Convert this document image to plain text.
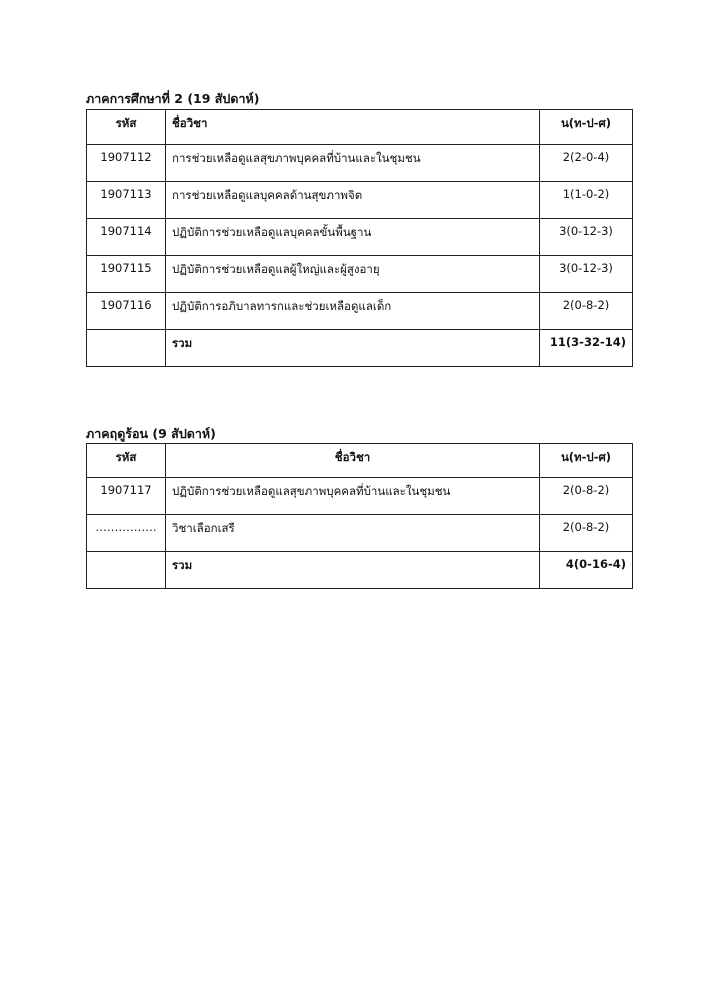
ภาคการศึกษาที่ 2 (19 สัปดาห์)
รหัส	ชื่อวิชา	น(ท-ป-ศ)
1907112	การช่วยเหลือดูแลสุขภาพบุคคลที่บ้านและในชุมชน	2(2-0-4)
1907113	การช่วยเหลือดูแลบุคคลด้านสุขภาพจิต	1(1-0-2)
1907114	ปฏิบัติการช่วยเหลือดูแลบุคคลขั้นพื้นฐาน	3(0-12-3)
1907115	ปฏิบัติการช่วยเหลือดูแลผู้ใหญ่และผู้สูงอายุ	3(0-12-3)
1907116	ปฏิบัติการอภิบาลทารกและช่วยเหลือดูแลเด็ก	2(0-8-2)
	รวม	11(3-32-14)
ภาคฤดูร้อน (9 สัปดาห์)
รหัส	ชื่อวิชา	น(ท-ป-ศ)
1907117	ปฏิบัติการช่วยเหลือดูแลสุขภาพบุคคลที่บ้านและในชุมชน	2(0-8-2)
…………….	วิชาเลือกเสรี	2(0-8-2)
	รวม	4(0-16-4)
